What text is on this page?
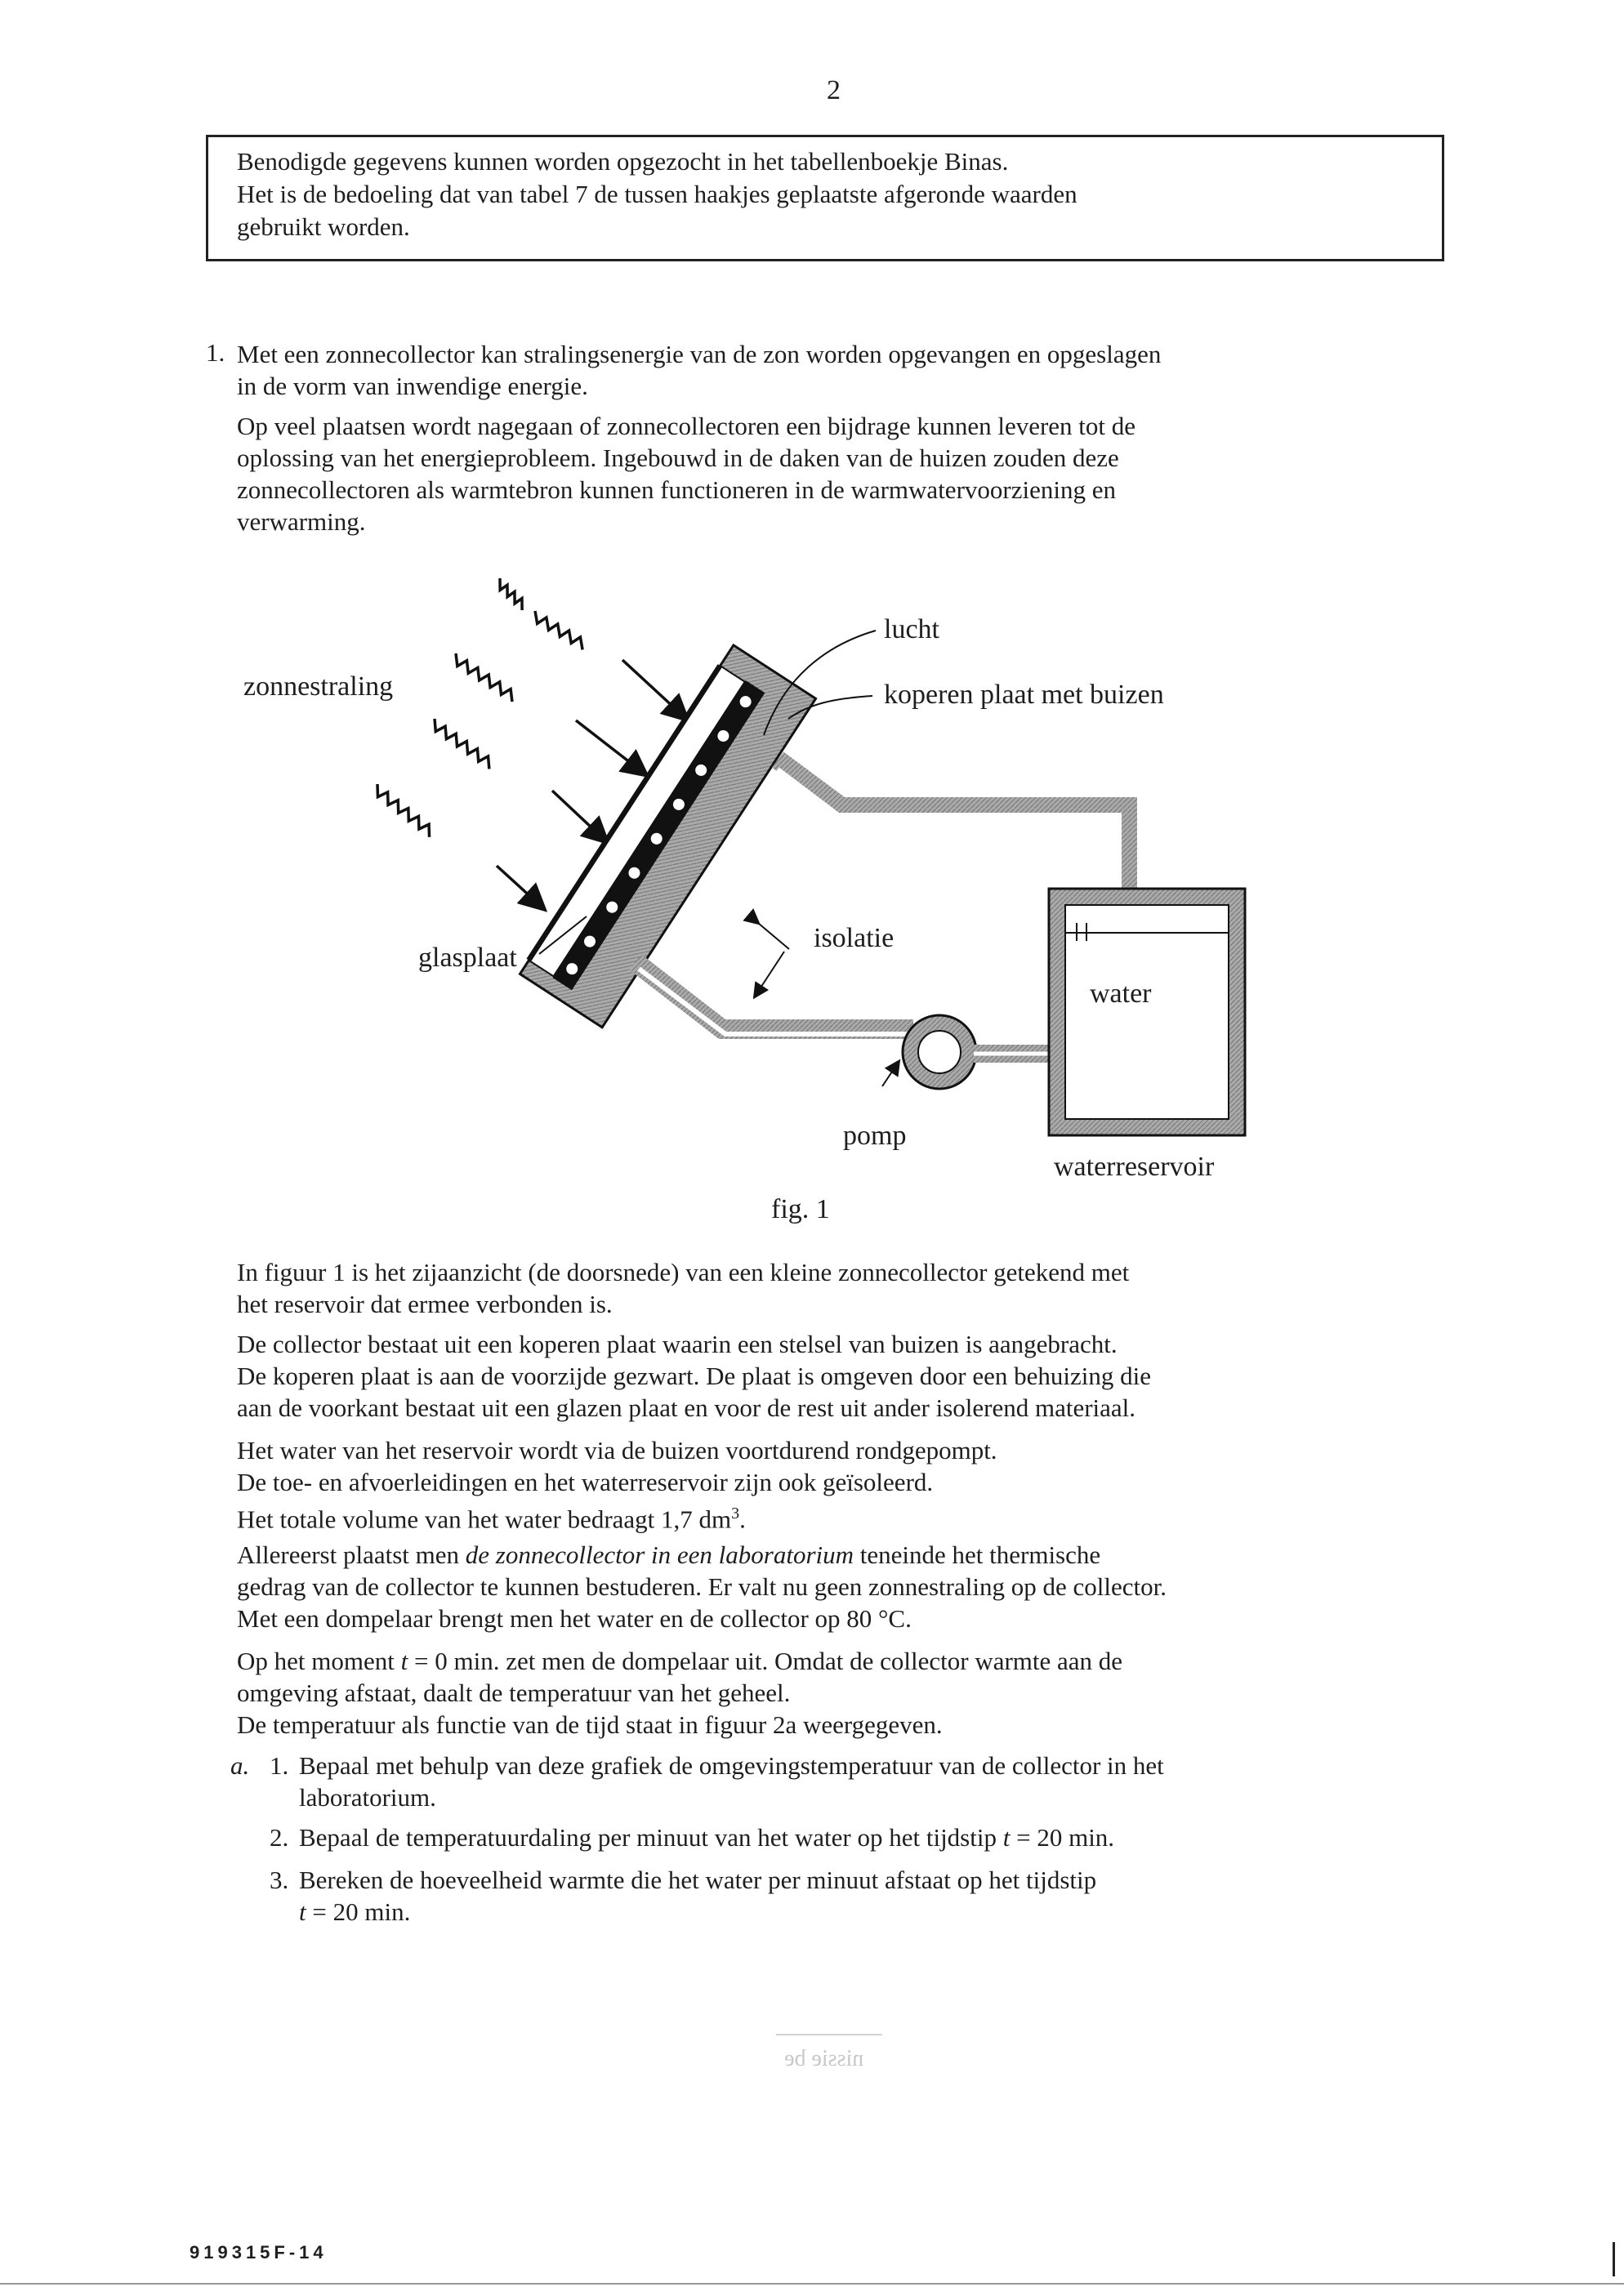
2
Benodigde gegevens kunnen worden opgezocht in het tabellenboekje Binas.
Het is de bedoeling dat van tabel 7 de tussen haakjes geplaatste afgeronde waarden
gebruikt worden.
1. Met een zonnecollector kan stralingsenergie van de zon worden opgevangen en opgeslagen
in de vorm van inwendige energie.
Op veel plaatsen wordt nagegaan of zonnecollectoren een bijdrage kunnen leveren tot de
oplossing van het energieprobleem. Ingebouwd in de daken van de huizen zouden deze
zonnecollectoren als warmtebron kunnen functioneren in de warmwatervoorziening en
verwarming.
zonnestraling
lucht
koperen plaat met buizen
glasplaat
isolatie
water
pomp
waterreservoir
fig. 1
In figuur 1 is het zijaanzicht (de doorsnede) van een kleine zonnecollector getekend met
het reservoir dat ermee verbonden is.
De collector bestaat uit een koperen plaat waarin een stelsel van buizen is aangebracht.
De koperen plaat is aan de voorzijde gezwart. De plaat is omgeven door een behuizing die
aan de voorkant bestaat uit een glazen plaat en voor de rest uit ander isolerend materiaal.
Het water van het reservoir wordt via de buizen voortdurend rondgepompt.
De toe- en afvoerleidingen en het waterreservoir zijn ook geïsoleerd.
Het totale volume van het water bedraagt 1,7 $dm^3$.
Allereerst plaatst men de zonnecollector in een laboratorium teneinde het thermische
gedrag van de collector te kunnen bestuderen. Er valt nu geen zonnestraling op de collector.
Met een dompelaar brengt men het water en de collector op 80 °C.
Op het moment t = 0 min. zet men de dompelaar uit. Omdat de collector warmte aan de
omgeving afstaat, daalt de temperatuur van het geheel.
De temperatuur als functie van de tijd staat in figuur 2a weergegeven.
a. 1. Bepaal met behulp van deze grafiek de omgevingstemperatuur van de collector in het
laboratorium.
2. Bepaal de temperatuurdaling per minuut van het water op het tijdstip t = 20 min.
3. Bereken de hoeveelheid warmte die het water per minuut afstaat op het tijdstip
t = 20 min.
nissie be
919315F-14
